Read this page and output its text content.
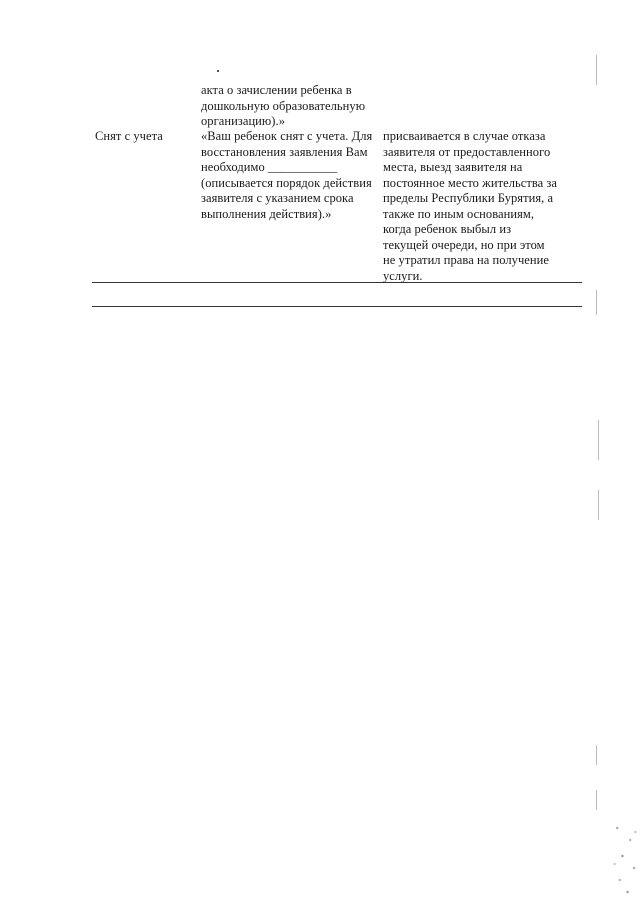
акта о зачислении ребенка в
дошкольную образовательную
организацию).»
Снят с учета	«Ваш ребенок снят с учета. Для
восстановления заявления Вам
необходимо ___________
(описывается порядок действия
заявителя с указанием срока
выполнения действия).»
присваивается в случае отказа
заявителя от предоставленного
места, выезд заявителя на
постоянное место жительства за
пределы Республики Бурятия, а
также по иным основаниям,
когда ребенок выбыл из
текущей очереди, но при этом
не утратил права на получение
услуги.
